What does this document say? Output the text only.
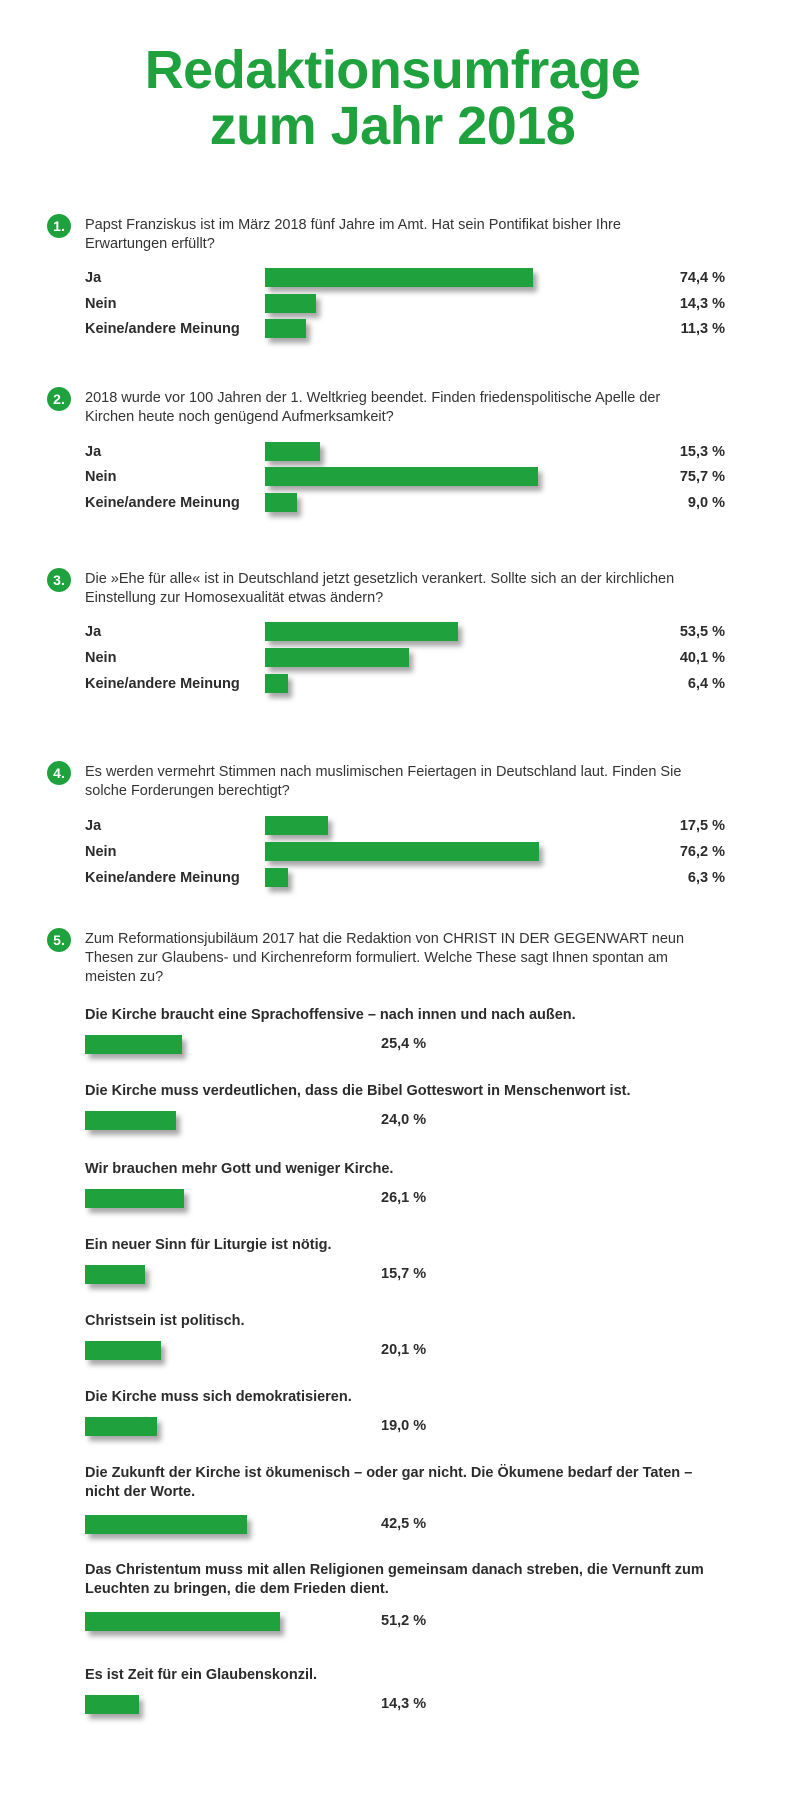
Redaktionsumfrage
zum Jahr 2018
1.	Papst Franziskus ist im März 2018 fünf Jahre im Amt. Hat sein Pontifikat bisher Ihre Erwartungen erfüllt?
Ja	74,4 %
Nein	14,3 %
Keine/andere Meinung	11,3 %
2.	2018 wurde vor 100 Jahren der 1. Weltkrieg beendet. Finden friedenspolitische Apelle der Kirchen heute noch genügend Aufmerksamkeit?
Ja	15,3 %
Nein	75,7 %
Keine/andere Meinung	9,0 %
3.	Die »Ehe für alle« ist in Deutschland jetzt gesetzlich verankert. Sollte sich an der kirchlichen Einstellung zur Homosexualität etwas ändern?
Ja	53,5 %
Nein	40,1 %
Keine/andere Meinung	6,4 %
4.	Es werden vermehrt Stimmen nach muslimischen Feiertagen in Deutschland laut. Finden Sie solche Forderungen berechtigt?
Ja	17,5 %
Nein	76,2 %
Keine/andere Meinung	6,3 %
5.	Zum Reformationsjubiläum 2017 hat die Redaktion von CHRIST IN DER GEGENWART neun Thesen zur Glaubens- und Kirchenreform formuliert. Welche These sagt Ihnen spontan am meisten zu?
Die Kirche braucht eine Sprachoffensive – nach innen und nach außen.
25,4 %
Die Kirche muss verdeutlichen, dass die Bibel Gotteswort in Menschenwort ist.
24,0 %
Wir brauchen mehr Gott und weniger Kirche.
26,1 %
Ein neuer Sinn für Liturgie ist nötig.
15,7 %
Christsein ist politisch.
20,1 %
Die Kirche muss sich demokratisieren.
19,0 %
Die Zukunft der Kirche ist ökumenisch – oder gar nicht. Die Ökumene bedarf der Taten – nicht der Worte.
42,5 %
Das Christentum muss mit allen Religionen gemeinsam danach streben, die Vernunft zum Leuchten zu bringen, die dem Frieden dient.
51,2 %
Es ist Zeit für ein Glaubenskonzil.
14,3 %
